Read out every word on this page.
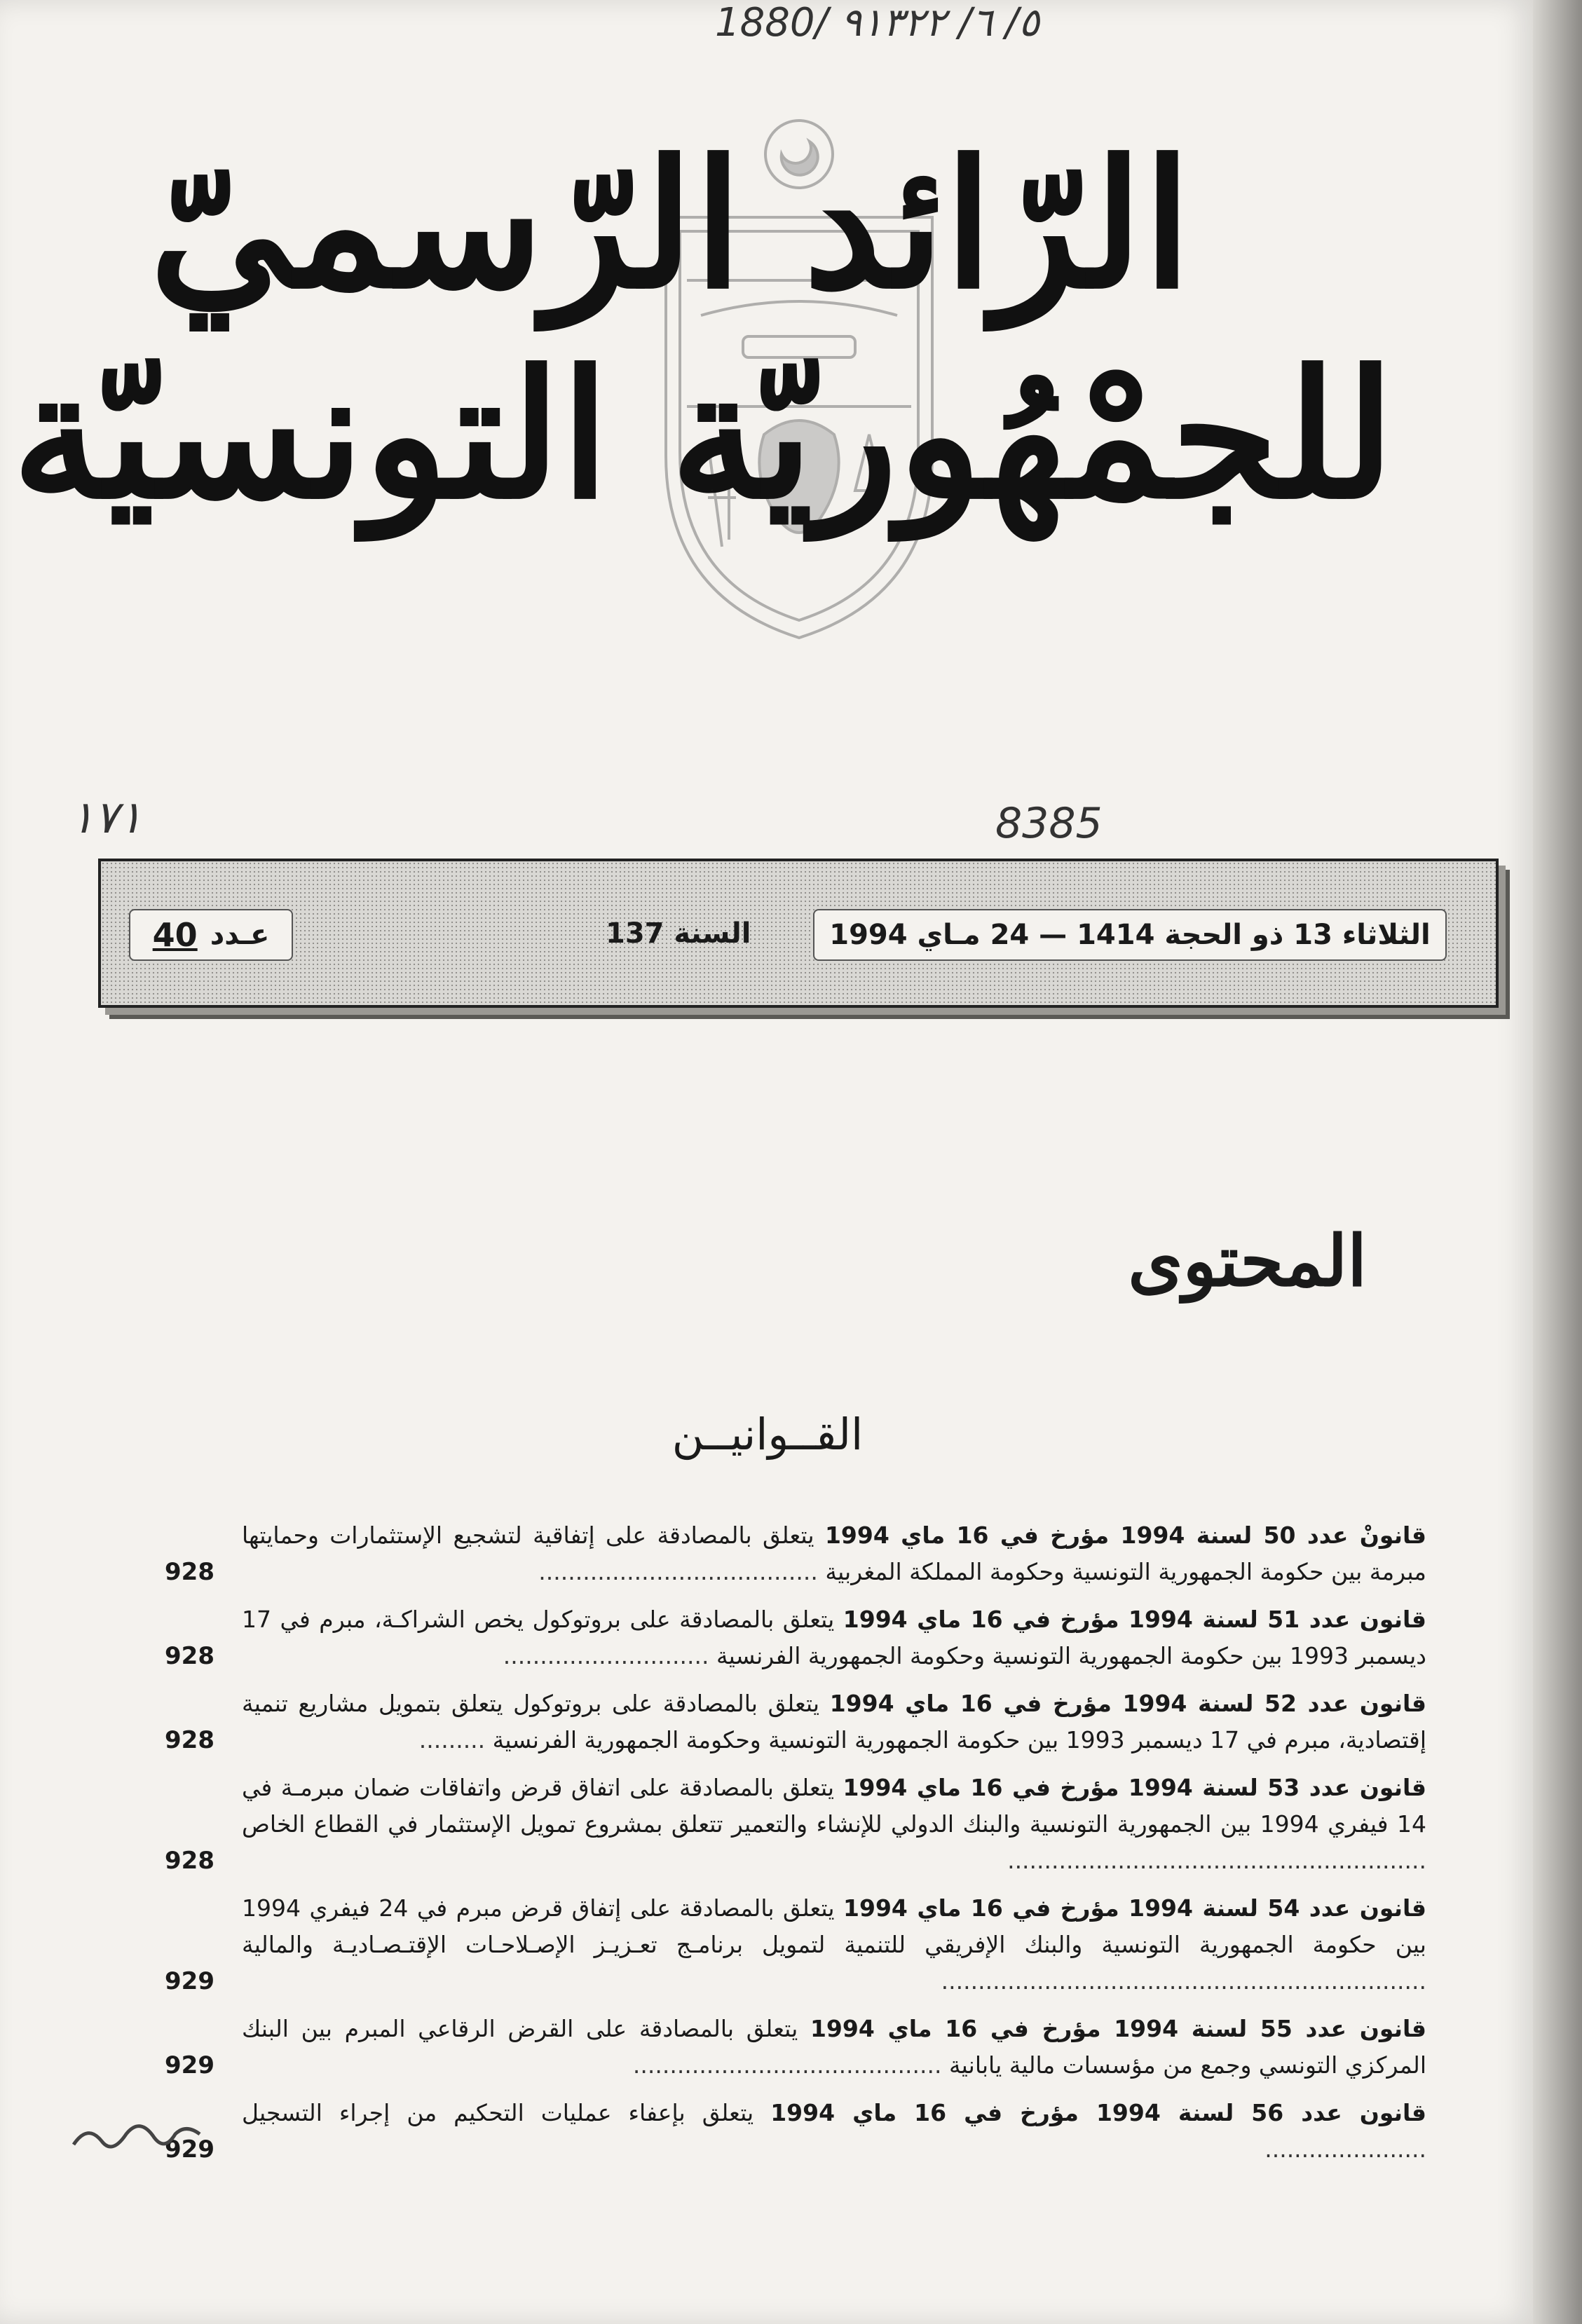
1880/ ٥/ ٦/ ٩١٣٢٢
الرّائد الرّسميّ
للجمْهُوريّة التونسيّة
١٧١	8385
الثلاثاء 13 ذو الحجة 1414 — 24 مـاي 1994
السنة 137
عـدد
40
المحتوى
القــوانيــن
قانونْ عدد 50 لسنة 1994 مؤرخ في 16 ماي 1994 يتعلق بالمصادقة على إتفاقية لتشجيع الإستثمارات وحمايتها مبرمة بين حكومة الجمهورية التونسية وحكومة المملكة المغربية ......................................
928
قانون عدد 51 لسنة 1994 مؤرخ في 16 ماي 1994 يتعلق بالمصادقة على بروتوكول يخص الشراكـة، مبرم في 17 ديسمبر 1993 بين حكومة الجمهورية التونسية وحكومة الجمهورية الفرنسية ............................
928
قانون عدد 52 لسنة 1994 مؤرخ في 16 ماي 1994 يتعلق بالمصادقة على بروتوكول يتعلق بتمويل مشاريع تنمية إقتصادية، مبرم في 17 ديسمبر 1993 بين حكومة الجمهورية التونسية وحكومة الجمهورية الفرنسية .........
928
قانون عدد 53 لسنة 1994 مؤرخ في 16 ماي 1994 يتعلق بالمصادقة على اتفاق قرض واتفاقات ضمان مبرمـة في 14 فيفري 1994 بين الجمهورية التونسية والبنك الدولي للإنشاء والتعمير تتعلق بمشروع تمويل الإستثمار في القطاع الخاص .........................................................
928
قانون عدد 54 لسنة 1994 مؤرخ في 16 ماي 1994 يتعلق بالمصادقة على إتفاق قرض مبرم في 24 فيفري 1994 بين حكومة الجمهورية التونسية والبنك الإفريقي للتنمية لتمويل برنامـج تعـزيـز الإصـلاحـات الإقتـصـاديـة والمالية ..................................................................
929
قانون عدد 55 لسنة 1994 مؤرخ في 16 ماي 1994 يتعلق بالمصادقة على القرض الرقاعي المبرم بين البنك المركزي التونسي وجمع من مؤسسات مالية يابانية ..........................................
929
قانون عدد 56 لسنة 1994 مؤرخ في 16 ماي 1994 يتعلق بإعفاء عمليات التحكيم من إجراء التسجيل ......................
929
